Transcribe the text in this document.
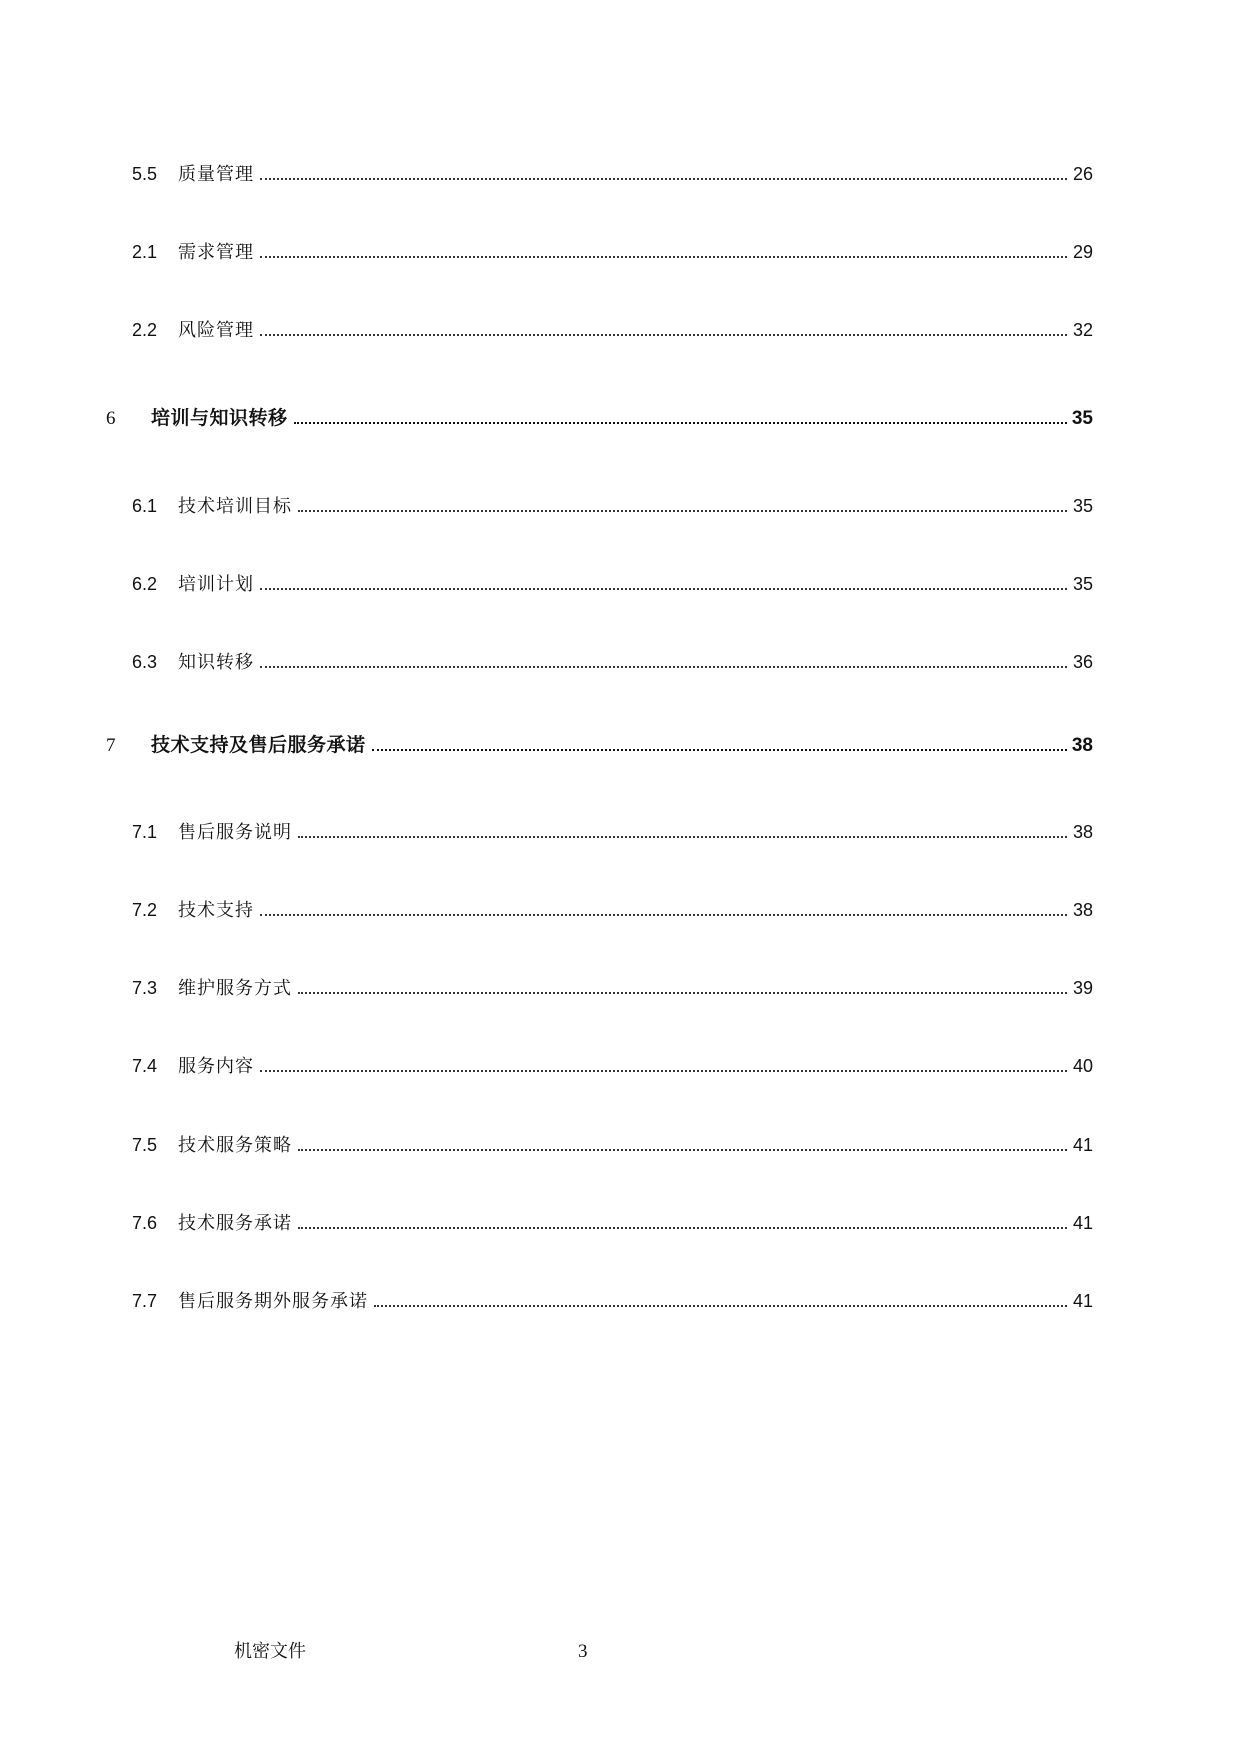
5.5	质量管理	26
2.1	需求管理	29
2.2	风险管理	32
6	培训与知识转移	35
6.1	技术培训目标	35
6.2	培训计划	35
6.3	知识转移	36
7	技术支持及售后服务承诺	38
7.1	售后服务说明	38
7.2	技术支持	38
7.3	维护服务方式	39
7.4	服务内容	40
7.5	技术服务策略	41
7.6	技术服务承诺	41
7.7	售后服务期外服务承诺	41
机密文件	3
